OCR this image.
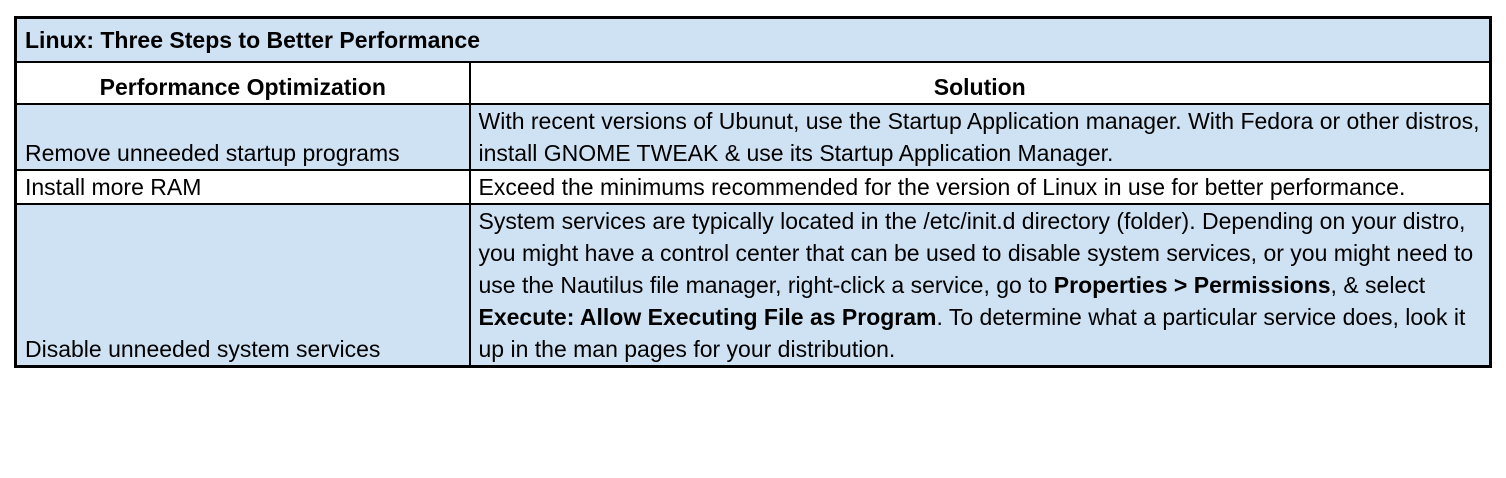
Linux: Three Steps to Better Performance	
Performance Optimization	Solution
Remove unneeded startup programs	With recent versions of Ubunut, use the Startup Application manager. With Fedora or other distros, install GNOME TWEAK & use its Startup Application Manager.
Install more RAM	Exceed the minimums recommended for the version of Linux in use for better performance.
Disable unneeded system services	System services are typically located in the /etc/init.d directory (folder). Depending on your distro, you might have a control center that can be used to disable system services, or you might need to use the Nautilus file manager, right-click a service, go to Properties > Permissions, & select Execute: Allow Executing File as Program. To determine what a particular service does, look it up in the man pages for your distribution.
